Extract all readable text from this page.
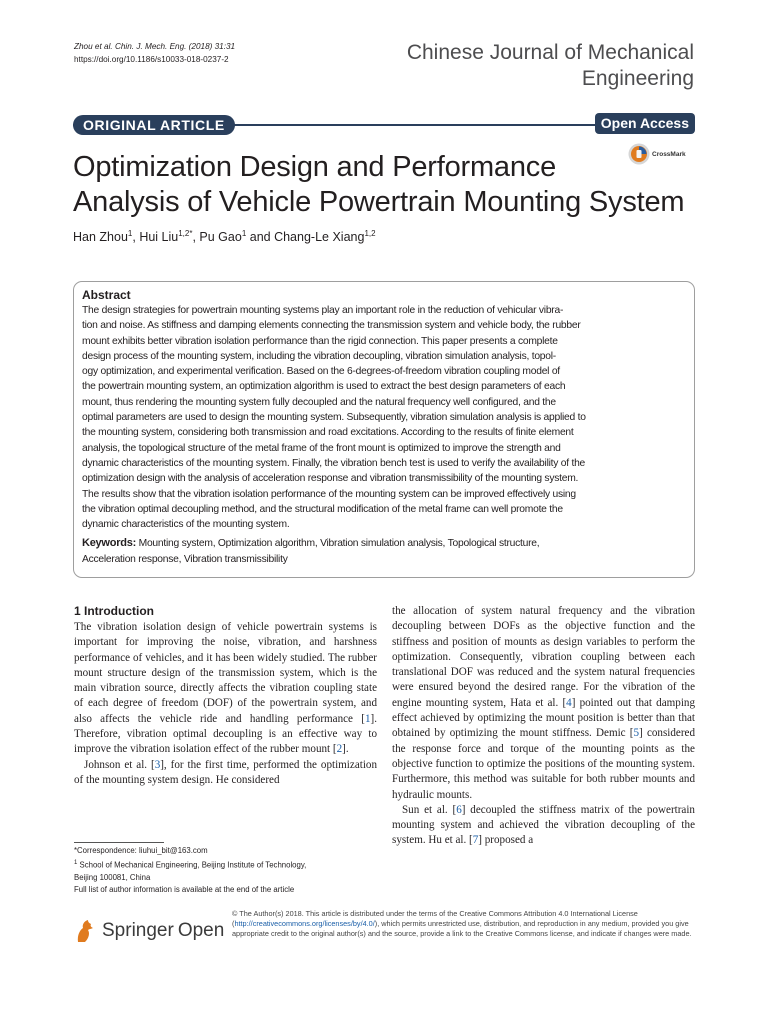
Zhou et al. Chin. J. Mech. Eng. (2018) 31:31
https://doi.org/10.1186/s10033-018-0237-2	Chinese Journal of Mechanical
Engineering
ORIGINAL ARTICLE	Open Access
CrossMark
Optimization Design and Performance
Analysis of Vehicle Powertrain Mounting System
Han Zhou$^1$, Hui Liu$^{1,2*}$, Pu Gao$^1$ and Chang-Le Xiang$^{1,2}$
Abstract
The design strategies for powertrain mounting systems play an important role in the reduction of vehicular vibra-
tion and noise. As stiffness and damping elements connecting the transmission system and vehicle body, the rubber
mount exhibits better vibration isolation performance than the rigid connection. This paper presents a complete
design process of the mounting system, including the vibration decoupling, vibration simulation analysis, topol-
ogy optimization, and experimental verification. Based on the 6-degrees-of-freedom vibration coupling model of
the powertrain mounting system, an optimization algorithm is used to extract the best design parameters of each
mount, thus rendering the mounting system fully decoupled and the natural frequency well configured, and the
optimal parameters are used to design the mounting system. Subsequently, vibration simulation analysis is applied to
the mounting system, considering both transmission and road excitations. According to the results of finite element
analysis, the topological structure of the metal frame of the front mount is optimized to improve the strength and
dynamic characteristics of the mounting system. Finally, the vibration bench test is used to verify the availability of the
optimization design with the analysis of acceleration response and vibration transmissibility of the mounting system.
The results show that the vibration isolation performance of the mounting system can be improved effectively using
the vibration optimal decoupling method, and the structural modification of the metal frame can well promote the
dynamic characteristics of the mounting system.
Keywords: Mounting system, Optimization algorithm, Vibration simulation analysis, Topological structure,
Acceleration response, Vibration transmissibility
1 Introduction

The vibration isolation design of vehicle powertrain systems is important for improving the noise, vibration, and harshness performance of vehicles, and it has been widely studied. The rubber mount structure design of the transmission system, which is the main vibration source, directly affects the vibration coupling state of each degree of freedom (DOF) of the powertrain system, and also affects the vehicle ride and handling performance [1]. Therefore, vibration optimal decoupling is an effective way to improve the vibration isolation effect of the rubber mount [2].

Johnson et al. [3], for the first time, performed the optimization of the mounting system design. He considered

the allocation of system natural frequency and the vibration decoupling between DOFs as the objective function and the stiffness and position of mounts as design variables to perform the optimization. Consequently, vibration coupling between each translational DOF was reduced and the system natural frequencies were ensured beyond the desired range. For the vibration of the engine mounting system, Hata et al. [4] pointed out that damping effect achieved by optimizing the mount position is better than that obtained by optimizing the mount stiffness. Demic [5] considered the response force and torque of the mounting points as the objective function to optimize the positions of the mounting system. Furthermore, this method was suitable for both rubber mounts and hydraulic mounts.

Sun et al. [6] decoupled the stiffness matrix of the powertrain mounting system and achieved the vibration decoupling of the system. Hu et al. [7] proposed a

*Correspondence: liuhui_bit@163.com
$^1$ School of Mechanical Engineering, Beijing Institute of Technology,
Beijing 100081, China
Full list of author information is available at the end of the article
Springer Open
© The Author(s) 2018. This article is distributed under the terms of the Creative Commons Attribution 4.0 International License (http://creativecommons.org/licenses/by/4.0/), which permits unrestricted use, distribution, and reproduction in any medium, provided you give appropriate credit to the original author(s) and the source, provide a link to the Creative Commons license, and indicate if changes were made.
